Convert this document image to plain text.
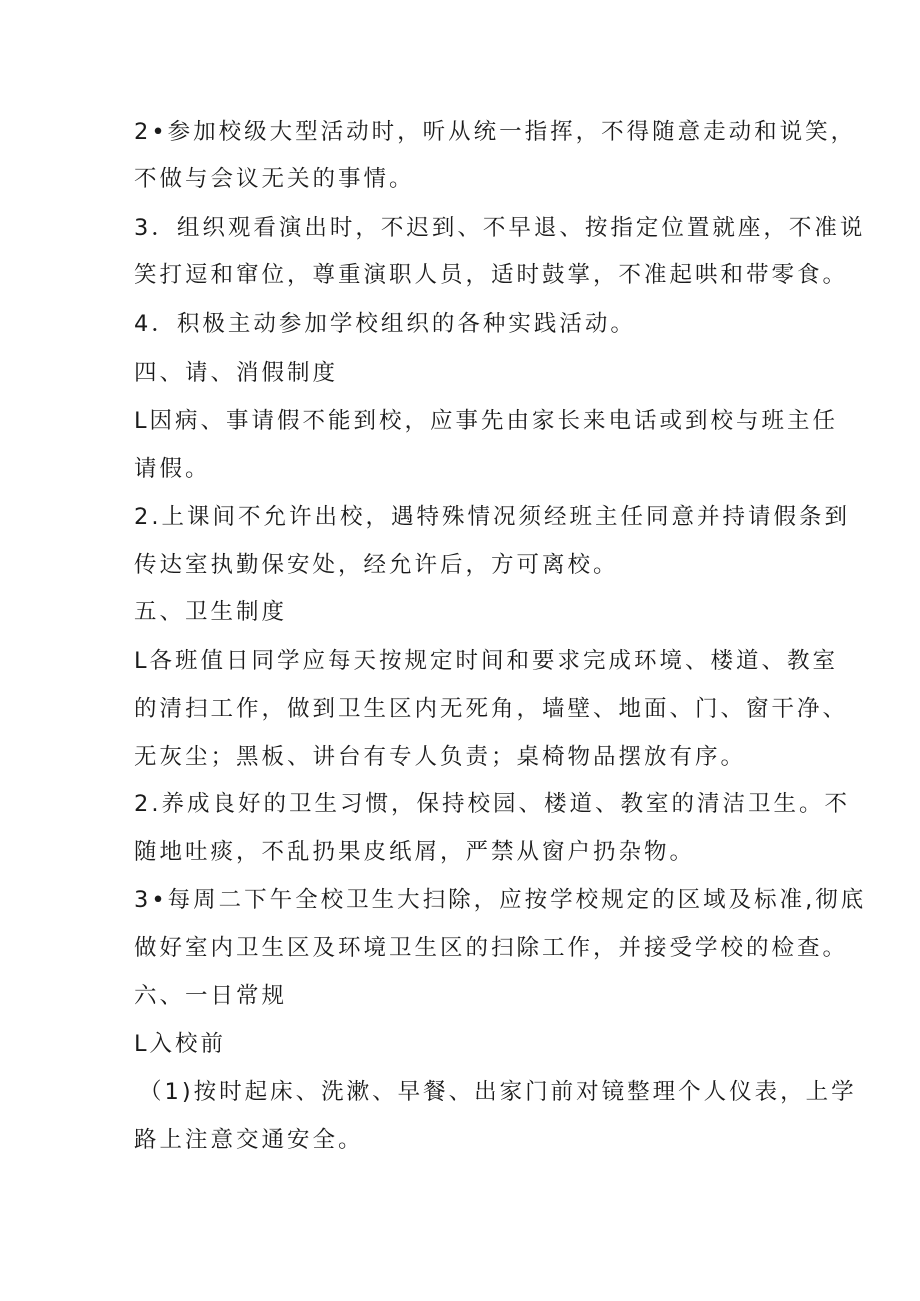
2•参加校级大型活动时，听从统一指挥，不得随意走动和说笑，
不做与会议无关的事情。
3．组织观看演出时，不迟到、不早退、按指定位置就座，不准说
笑打逗和窜位，尊重演职人员，适时鼓掌，不准起哄和带零食。
4．积极主动参加学校组织的各种实践活动。
四、请、消假制度
L因病、事请假不能到校，应事先由家长来电话或到校与班主任
请假。
2.上课间不允许出校，遇特殊情况须经班主任同意并持请假条到
传达室执勤保安处，经允许后，方可离校。
五、卫生制度
L各班值日同学应每天按规定时间和要求完成环境、楼道、教室
的清扫工作，做到卫生区内无死角，墙壁、地面、门、窗干净、
无灰尘；黑板、讲台有专人负责；桌椅物品摆放有序。
2.养成良好的卫生习惯，保持校园、楼道、教室的清洁卫生。不
随地吐痰，不乱扔果皮纸屑，严禁从窗户扔杂物。
3•每周二下午全校卫生大扫除，应按学校规定的区域及标准,彻底
做好室内卫生区及环境卫生区的扫除工作，并接受学校的检查。
六、一日常规
L入校前
（1)按时起床、洗漱、早餐、出家门前对镜整理个人仪表，上学
路上注意交通安全。
